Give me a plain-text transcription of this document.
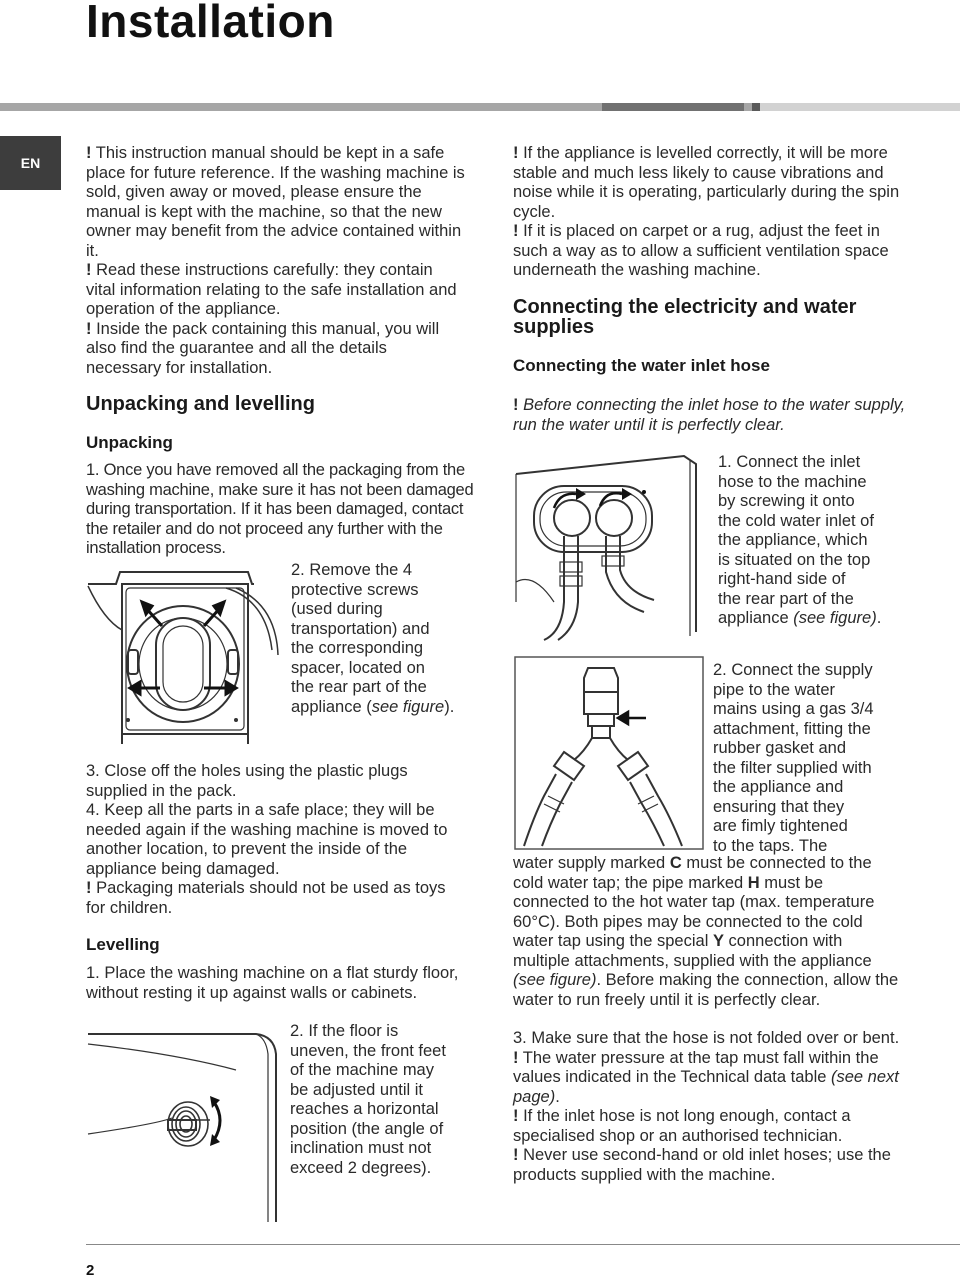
Installation
EN

! This instruction manual should be kept in a safe place for future reference. If the washing machine is sold, given away or moved, please ensure the manual is kept with the machine, so that the new owner may benefit from the advice contained within it.

! Read these instructions carefully: they contain vital information relating to the safe installation and operation of the appliance.

! Inside the pack containing this manual, you will also find the guarantee and all the details necessary for installation.

Unpacking and levelling
Unpacking

1. Once you have removed all the packaging from the washing machine, make sure it has not been damaged during transportation. If it has been damaged, contact the retailer and do not proceed any further with the installation process.

2. Remove the 4

protective screws

(used during

transportation) and

the corresponding

spacer, located on

the rear part of the

appliance (see figure).

3. Close off the holes using the plastic plugs supplied in the pack.

4. Keep all the parts in a safe place; they will be needed again if the washing machine is moved to another location, to prevent the inside of the appliance being damaged.

! Packaging materials should not be used as toys for children.

Levelling

1. Place the washing machine on a flat sturdy floor, without resting it up against walls or cabinets.

2. If the floor is

uneven, the front feet

of the machine may

be adjusted until it

reaches a horizontal

position (the angle of

inclination must not

exceed 2 degrees).

! If the appliance is levelled correctly, it will be more stable and much less likely to cause vibrations and noise while it is operating, particularly during the spin cycle.

! If it is placed on carpet or a rug, adjust the feet in such a way as to allow a sufficient ventilation space underneath the washing machine.

Connecting the electricity and water supplies
Connecting the water inlet hose

! Before connecting the inlet hose to the water supply, run the water until it is perfectly clear.

1. Connect the inlet

hose to the machine

by screwing it onto

the cold water inlet of

the appliance, which

is situated on the top

right-hand side of

the rear part of the

appliance (see figure).

2. Connect the supply

pipe to the water

mains using a gas 3/4

attachment, fitting the

rubber gasket and

the filter supplied with

the appliance and

ensuring that they

are fimly tightened

to the taps. The

water supply marked C must be connected to the cold water tap; the pipe marked H must be connected to the hot water tap (max. temperature 60°C). Both pipes may be connected to the cold water tap using the special Y connection with multiple attachments, supplied with the appliance (see figure). Before making the connection, allow the water to run freely until it is perfectly clear.

3. Make sure that the hose is not folded over or bent.

! The water pressure at the tap must fall within the values indicated in the Technical data table (see next page).

! If the inlet hose is not long enough, contact a specialised shop or an authorised technician.

! Never use second-hand or old inlet hoses; use the products supplied with the machine.

2
